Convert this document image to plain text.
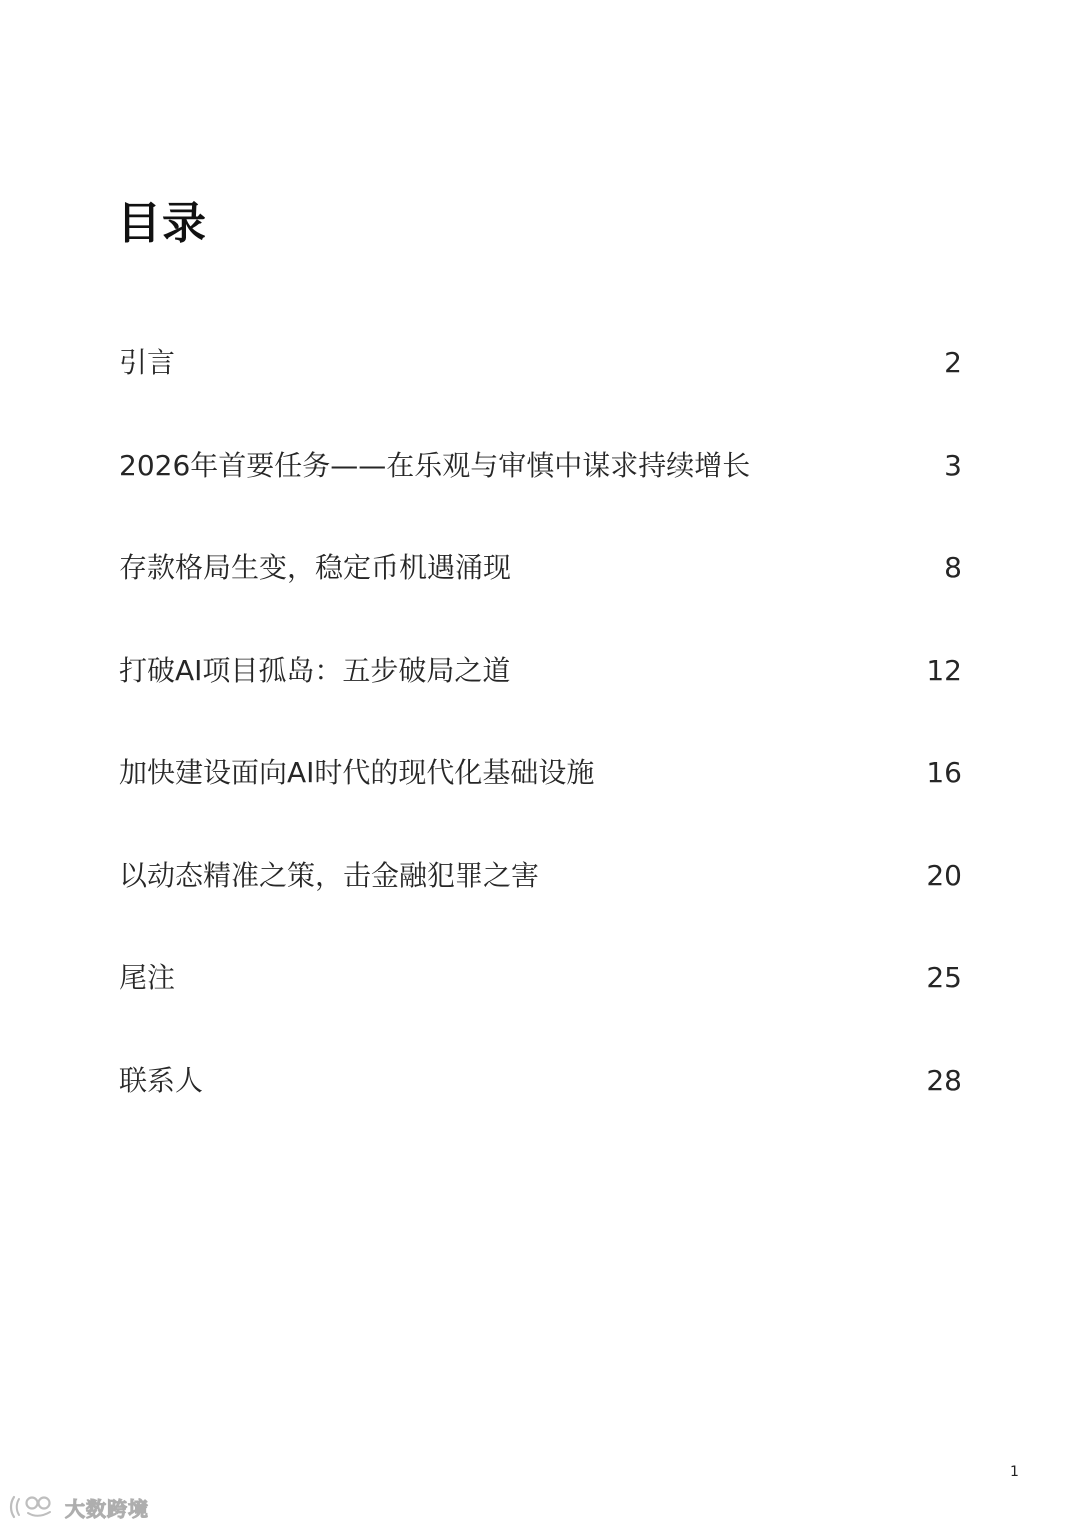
目录
引言	2
2026年首要任务——在乐观与审慎中谋求持续增长	3
存款格局生变，稳定币机遇涌现	8
打破AI项目孤岛：五步破局之道	12
加快建设面向AI时代的现代化基础设施	16
以动态精准之策，击金融犯罪之害	20
尾注	25
联系人	28
1
大数跨境
